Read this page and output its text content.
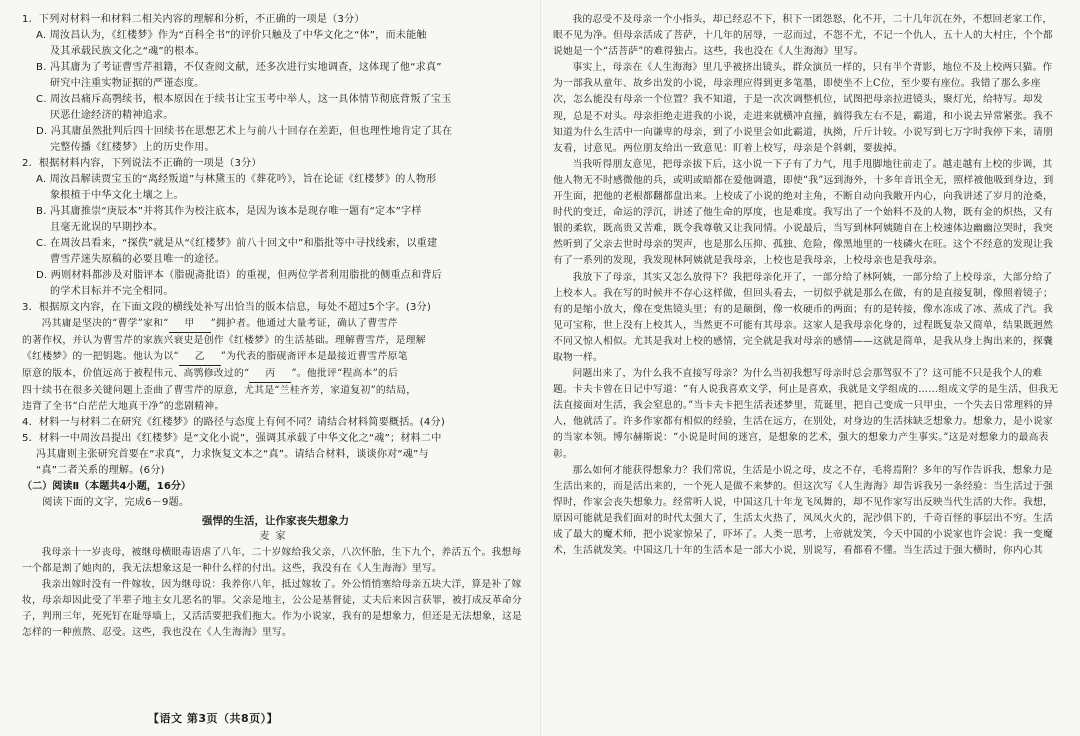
1．下列对材料一和材料二相关内容的理解和分析，不正确的一项是（3分）

A. 周汝昌认为，《红楼梦》作为“百科全书”的评价只触及了中华文化之“体”，而未能触

及其承载民族文化之“魂”的根本。

B. 冯其庸为了考证曹雪芹祖籍，不仅查阅文献，还多次进行实地调查，这体现了他“求真”

研究中注重实物证据的严谨态度。

C. 周汝昌痛斥高鹗续书，根本原因在于续书让宝玉考中举人，这一具体情节彻底背叛了宝玉

厌恶仕途经济的精神追求。

D. 冯其庸虽然批判后四十回续书在思想艺术上与前八十回存在差距，但也理性地肯定了其在

完整传播《红楼梦》上的历史作用。

2．根据材料内容，下列说法不正确的一项是（3分）

A. 周汝昌解读贾宝玉的“离经叛道”与林黛玉的《葬花吟》，旨在论证《红楼梦》的人物形

象根植于中华文化土壤之上。

B. 冯其庸推崇“庚辰本”并将其作为校注底本，是因为该本是现存唯一题有“定本”字样

且毫无讹误的早期抄本。

C. 在周汝昌看来，“探佚”就是从“《红楼梦》前八十回文中”和脂批等中寻找线索，以重建

曹雪芹迷失原稿的必要且唯一的途径。

D. 两则材料都涉及对脂评本（脂砚斋批语）的重视，但两位学者利用脂批的侧重点和背后

的学术目标并不完全相同。

3．根据原文内容，在下面文段的横线处补写出恰当的版本信息，每处不超过5个字。(3分)

冯其庸是坚决的“曹学”家和“ 甲 ”拥护者。他通过大量考证，确认了曹雪芹

的著作权，并认为曹雪芹的家族兴衰史是创作《红楼梦》的生活基础。理解曹雪芹，是理解

《红楼梦》的一把钥匙。他认为以“ 乙 ”为代表的脂砚斋评本是最接近曹雪芹原笔

原意的版本，价值远高于被程伟元、高鹗修改过的“ 丙 ”。他批评“程高本”的后

四十续书在很多关键问题上歪曲了曹雪芹的原意，尤其是“兰桂齐芳，家道复初”的结局，

违背了全书“白茫茫大地真干净”的悲剧精神。

4．材料一与材料二在研究《红楼梦》的路径与态度上有何不同？请结合材料简要概括。(4分)

5．材料一中周汝昌提出《红楼梦》是“文化小说”，强调其承载了中华文化之“魂”；材料二中

冯其庸则主张研究首要在“求真”，力求恢复文本之“真”。请结合材料，谈谈你对“魂”与

“真”二者关系的理解。(6分)

（二）阅读Ⅱ（本题共4小题，16分）

阅读下面的文字，完成6－9题。

强悍的生活，让作家丧失想象力

麦家

我母亲十一岁丧母，被继母横眼毒语虐了八年，二十岁嫁给我父亲，八次怀胎，生下九个，养活五个。我想每一个都是割了她肉的，我无法想象这是一种什么样的付出。这些，我没有在《人生海海》里写。

我亲出嫁时没有一件嫁妆，因为继母说：我养你八年，抵过嫁妆了。外公悄悄塞给母亲五块大洋，算是补了嫁妆，母亲却因此受了半辈子地主女儿恶名的罪。父亲是地主，公公是基督徒，丈夫后来因言获罪，被打成反革命分子，判刑三年，死死钉在耻辱墙上，又活活要把我们拖大。作为小说家，我有的是想象力，但还是无法想象，这是怎样的一种煎熬、忍受。这些，我也没在《人生海海》里写。

我的忍受不及母亲一个小指头，却已经忍不下，积下一团怨怒，化不开，二十几年沉在外，不想回老家工作，眼不见为净。但母亲活成了菩萨，十几年的居辱，一忍而过，不怨不尤，不记一个仇人，五十人的大村庄，个个都说她是一个“活菩萨”的难得独占。这些，我也没在《人生海海》里写。

事实上，母亲在《人生海海》里几乎被挤出镜头，群众演员一样的，只有半个背影，地位不及上校两只猫。作为一部我从童年、故乡出发的小说，母亲理应得到更多笔墨，即使坐不上C位，至少要有座位。我错了那么多座次，怎么能没有母亲一个位置？我不知道，于是一次次调整机位，试图把母亲拉进镜头，聚灯光，给特写。却发现，总是不对头。母亲拒绝走进我的小说，走进来就横冲直撞，搞得我左右不是，霸道，和小说去异常紧张。我不知道为什么生活中一向谦卑的母亲，到了小说里会如此霸道，执拗，斤斤计较。小说写到七万字时我停下来，请朋友看，讨意见。两位朋友给出一致意见：盯着上校写，母亲是个斜刺，要拔掉。

当我听得朋友意见，把母亲拔下后，这小说一下子有了力气，甩手甩脚地往前走了。越走越有上校的步调，其他人物无不时感微他的兵，或明或暗都在爱他调遣，即使“我”远到海外，十多年音讯全无，照样被他吸到身边，到开生面，把他的老根都翻都盘出来。上校成了小说的绝对主角，不断自动向我敞开内心，向我讲述了岁月的沧桑，时代的变迁，命运的浮沉，讲述了他生命的厚度，也是难度。我写出了一个始料不及的人物，既有金的炽热，又有银的柔软，既高贵又苦难，既令我尊敬又让我同情。小说最后，当写到林阿姨随自在上校速体边幽幽泣哭时，我突然听到了父亲去世时母亲的哭声，也是那么压抑、孤独、危险，像黑地里的一枝磷火在旺。这个不经意的发现让我有了一系列的发现，我发现林阿姨就是我母亲，上校也是我母亲，上校母亲也是我母亲。

我放下了母亲，其实又怎么放得下？我把母亲化开了，一部分给了林阿姨，一部分给了上校母亲，大部分给了上校本人。我在写的时候并不存心这样做，但回头看去，一切似乎就是那么在做，有的是直接复制，像照着镜子；有的是缩小放大，像在变焦镜头里；有的是颠倒，像一枚硬币的两面；有的是转接，像水冻成了冰、蒸成了汽。我见可宝称，世上没有上校其人，当然更不可能有其母亲。这家人是我母亲化身的，过程既复杂又简单，结果既迥然不同又惊人相似。尤其是我对上校的感情，完全就是我对母亲的感情——这就是简单，是我从身上掏出来的，探囊取物一样。

问题出来了，为什么我不直接写母亲？为什么当初我想写母亲时总会那驾驭不了？这可能不只是我个人的难题。卡夫卡曾在日记中写道：“有人说我喜欢文学，何止是喜欢，我就是文学组成的……组成文学的是生活，但我无法直接面对生活，我会窒息的。”当卡夫卡把生活表述梦里，荒诞里，把自己变成一只甲虫，一个失去日常理料的异人，他就活了。许多作家都有相似的经验，生活在远方，在别处，对身边的生活抹缺乏想象力。想象力，是小说家的当家本领。博尔赫斯说：“小说是时间的迷宫，是想象的艺术，强大的想象力产生事实。”这是对想象力的最高表彰。

那么如何才能获得想象力？我们常说，生活是小说之母，皮之不存，毛将焉附？多年的写作告诉我，想象力是生活出来的，而是活出来的，一个死人是做不来梦的。但这次写《人生海海》却告诉我另一条经验：当生活过于强悍时，作家会丧失想象力。经常听人说，中国这几十年龙飞凤舞的，却不见作家写出反映当代生活的大作。我想，原因可能就是我们面对的时代太强大了，生活太火热了，凤凤火火的，泥沙俱下的，千奇百怪的事层出不穷。生活成了最大的魔术师，把小说家惊呆了，吓坏了。人类一思考，上帝就发笑，今天中国的小说家也许会说：我一变魔术，生活就发笑。中国这几十年的生活本是一部大小说，别说写，看都看不懂。当生活过于强大横时，你内心其

【语文 第3页（共8页）】
